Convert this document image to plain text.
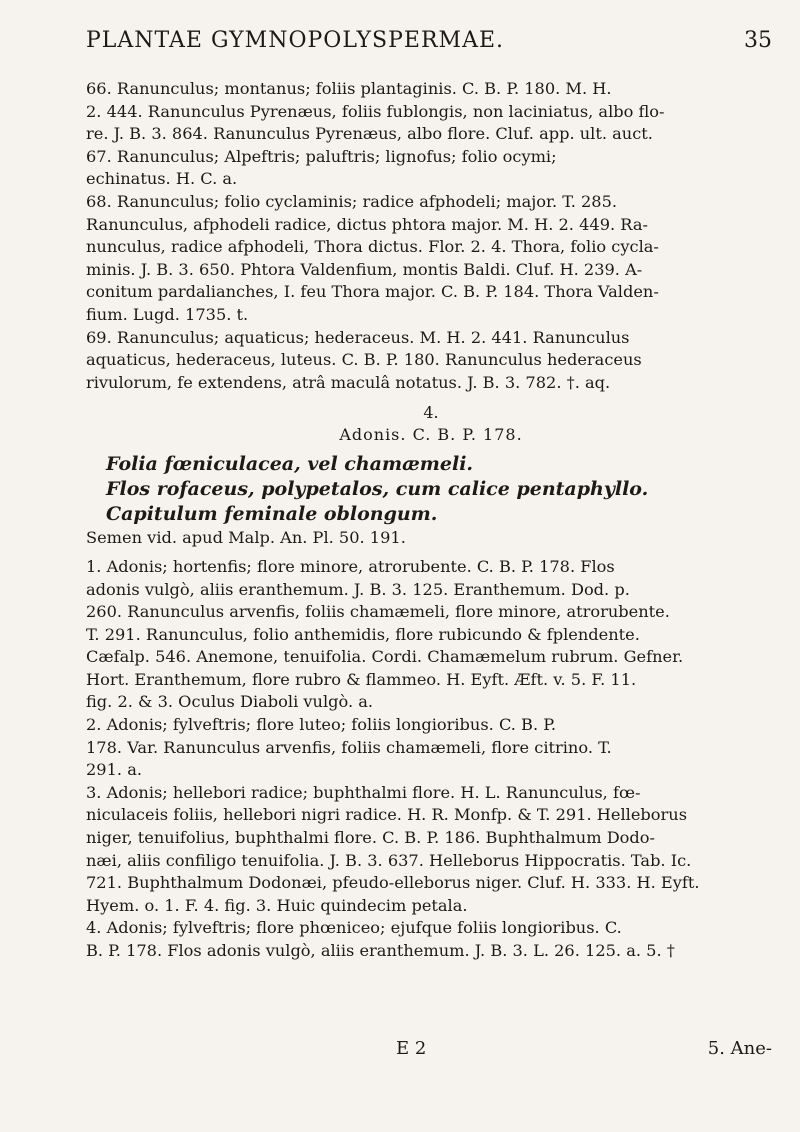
PLANTAE GYMNOPOLYSPERMAE.	35
66. Ranunculus; montanus; foliis plantaginis. C. B. P. 180. M. H.
2. 444. Ranunculus Pyrenæus, foliis fublongis, non laciniatus, albo flo-
re. J. B. 3. 864. Ranunculus Pyrenæus, albo flore. Cluf. app. ult. auct.
67. Ranunculus; Alpeftris; paluftris; lignofus; folio ocymi;
echinatus. H. C. a.
68. Ranunculus; folio cyclaminis; radice afphodeli; major. T. 285.
Ranunculus, afphodeli radice, dictus phtora major. M. H. 2. 449. Ra-
nunculus, radice afphodeli, Thora dictus. Flor. 2. 4. Thora, folio cycla-
minis. J. B. 3. 650. Phtora Valdenfium, montis Baldi. Cluf. H. 239. A-
conitum pardalianches, I. feu Thora major. C. B. P. 184. Thora Valden-
fium. Lugd. 1735. t.
69. Ranunculus; aquaticus; hederaceus. M. H. 2. 441. Ranunculus
aquaticus, hederaceus, luteus. C. B. P. 180. Ranunculus hederaceus
rivulorum, fe extendens, atrâ maculâ notatus. J. B. 3. 782. †. aq.
4.
Adonis. C. B. P. 178.
Folia fœniculacea, vel chamæmeli.
Flos rofaceus, polypetalos, cum calice pentaphyllo.
Capitulum feminale oblongum.
Semen vid. apud Malp. An. Pl. 50. 191.
1. Adonis; hortenfis; flore minore, atrorubente. C. B. P. 178. Flos
adonis vulgò, aliis eranthemum. J. B. 3. 125. Eranthemum. Dod. p.
260. Ranunculus arvenfis, foliis chamæmeli, flore minore, atrorubente.
T. 291. Ranunculus, folio anthemidis, flore rubicundo & fplendente.
Cæfalp. 546. Anemone, tenuifolia. Cordi. Chamæmelum rubrum. Gefner.
Hort. Eranthemum, flore rubro & flammeo. H. Eyft. Æft. v. 5. F. 11.
fig. 2. & 3. Oculus Diaboli vulgò. a.
2. Adonis; fylveftris; flore luteo; foliis longioribus. C. B. P.
178. Var. Ranunculus arvenfis, foliis chamæmeli, flore citrino. T.
291. a.
3. Adonis; hellebori radice; buphthalmi flore. H. L. Ranunculus, fœ-
niculaceis foliis, hellebori nigri radice. H. R. Monfp. & T. 291. Helleborus
niger, tenuifolius, buphthalmi flore. C. B. P. 186. Buphthalmum Dodo-
næi, aliis confiligo tenuifolia. J. B. 3. 637. Helleborus Hippocratis. Tab. Ic.
721. Buphthalmum Dodonæi, pfeudo-elleborus niger. Cluf. H. 333. H. Eyft.
Hyem. o. 1. F. 4. fig. 3. Huic quindecim petala.
4. Adonis; fylveftris; flore phœniceo; ejufque foliis longioribus. C.
B. P. 178. Flos adonis vulgò, aliis eranthemum. J. B. 3. L. 26. 125. a. 5. †
E 2	5. Ane-
